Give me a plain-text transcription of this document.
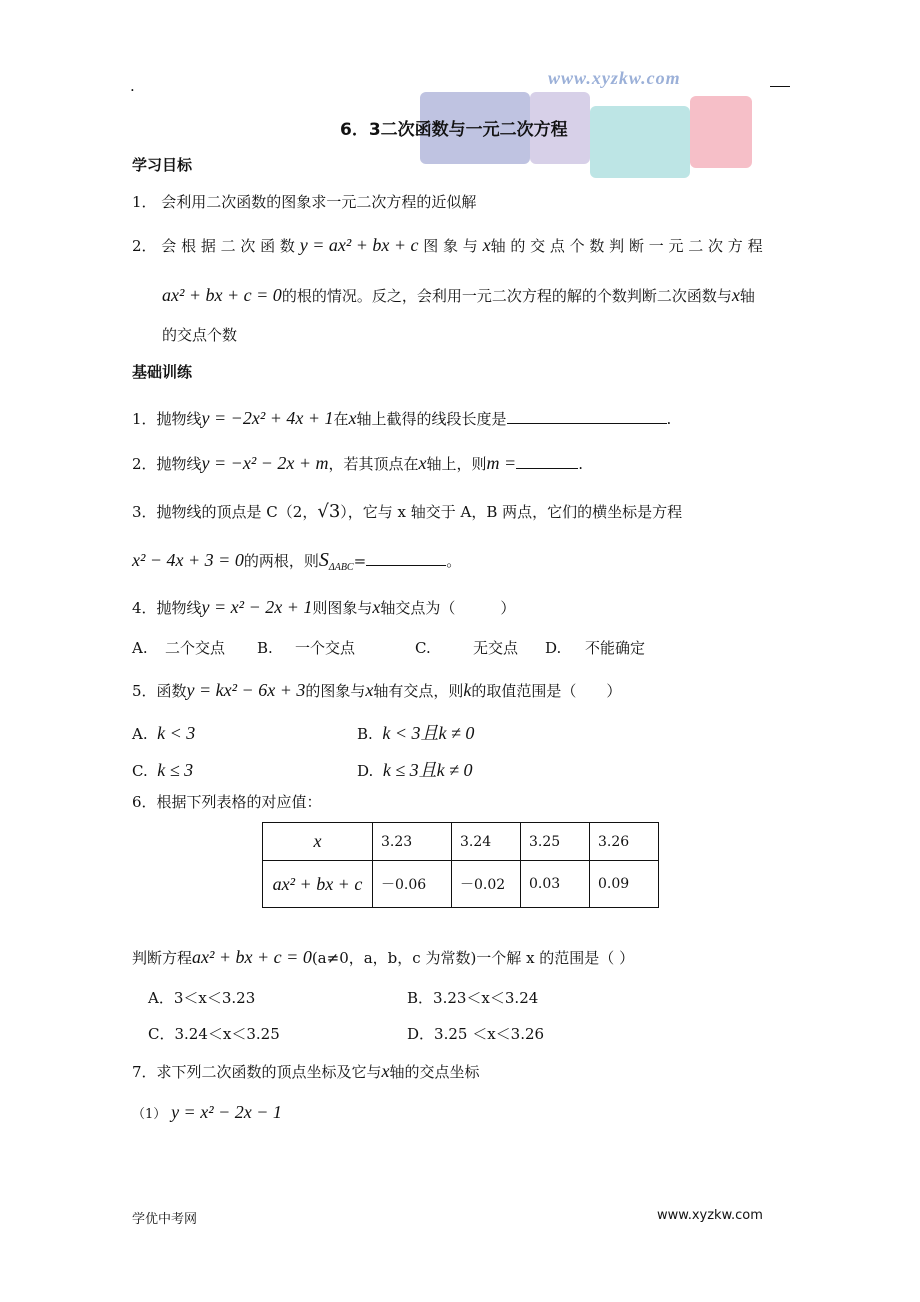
.	www.xyzkw.com
6．3二次函数与一元二次方程
学习目标
1． 会利用二次函数的图象求一元二次方程的近似解
2． 会 根 据 二 次 函 数 y = ax² + bx + c 图 象 与 x轴 的 交 点 个 数 判 断 一 元 二 次 方 程
ax² + bx + c = 0的根的情况。反之，会利用一元二次方程的解的个数判断二次函数与x轴
的交点个数
基础训练
1．抛物线y = −2x² + 4x + 1在x轴上截得的线段长度是	.
2．抛物线y = −x² − 2x + m，若其顶点在x轴上，则m =	.
3．抛物线的顶点是 C（2，√3），它与 x 轴交于 A，B 两点，它们的横坐标是方程
x² − 4x + 3 = 0的两根，则$S_{\Delta ABC}=$	。
4．抛物线y = x² − 2x + 1则图象与x轴交点为（　　　）
A. 二个交点 B. 一个交点	C.	无交点 D. 不能确定
5．函数y = kx² − 6x + 3的图象与x轴有交点，则k的取值范围是（　　）
A. k < 3	B. k < 3且k ≠ 0
C. k ≤ 3	D. k ≤ 3且k ≠ 0
6．根据下列表格的对应值：
x	3.23	3.24	3.25	3.26
ax² + bx + c	－0.06	－0.02	0.03	0.09
判断方程ax² + bx + c = 0(a≠0，a，b，c 为常数)一个解 x 的范围是（ ）
A．3＜x＜3.23	B．3.23＜x＜3.24
C．3.24＜x＜3.25	D．3.25 ＜x＜3.26
7．求下列二次函数的顶点坐标及它与x轴的交点坐标
（1） y = x² − 2x − 1
学优中考网	www.xyzkw.com
